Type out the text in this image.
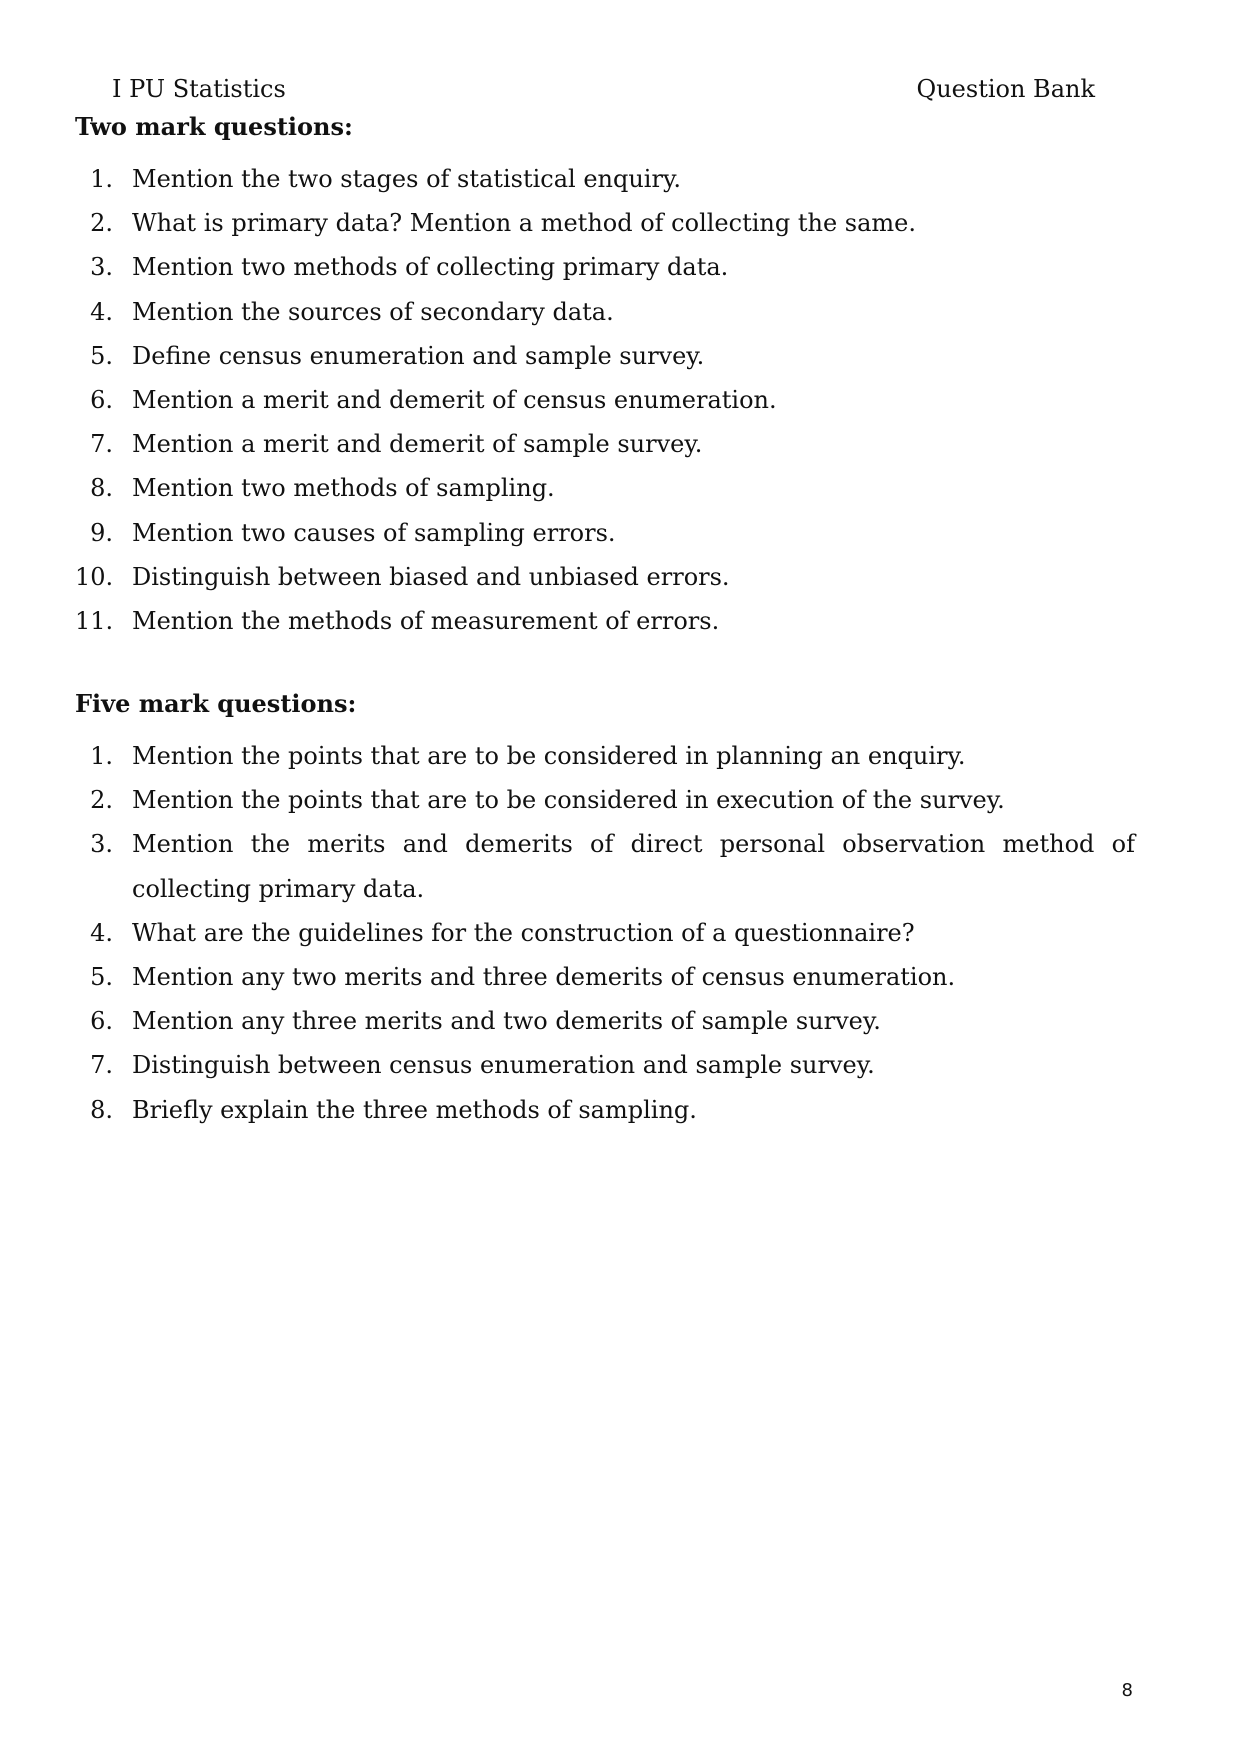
I PU Statistics	Question Bank
Two mark questions:
1. Mention the two stages of statistical enquiry.
2. What is primary data? Mention a method of collecting the same.
3. Mention two methods of collecting primary data.
4. Mention the sources of secondary data.
5. Define census enumeration and sample survey.
6. Mention a merit and demerit of census enumeration.
7. Mention a merit and demerit of sample survey.
8. Mention two methods of sampling.
9. Mention two causes of sampling errors.
10. Distinguish between biased and unbiased errors.
11. Mention the methods of measurement of errors.
Five mark questions:
1. Mention the points that are to be considered in planning an enquiry.
2. Mention the points that are to be considered in execution of the survey.
3. Mention the merits and demerits of direct personal observation method of collecting primary data.
4. What are the guidelines for the construction of a questionnaire?
5. Mention any two merits and three demerits of census enumeration.
6. Mention any three merits and two demerits of sample survey.
7. Distinguish between census enumeration and sample survey.
8. Briefly explain the three methods of sampling.
8
